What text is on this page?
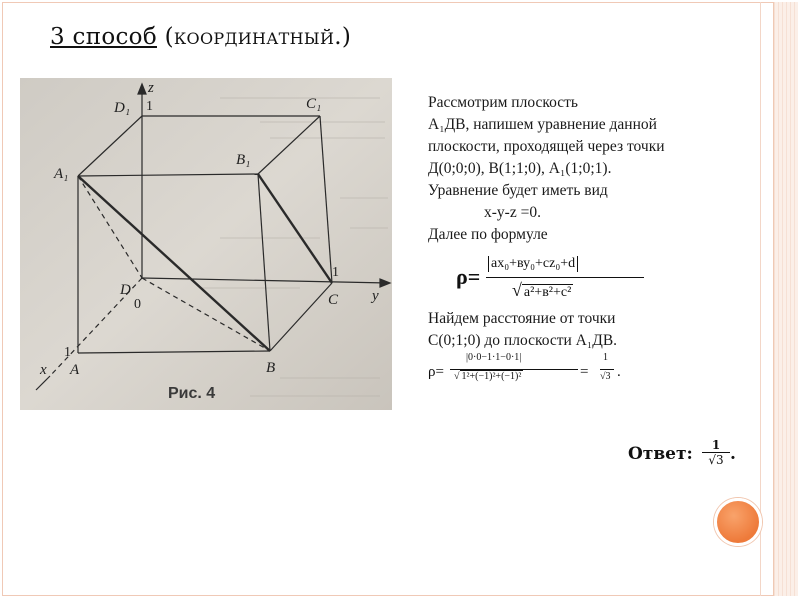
3 способ (координатный.)
z
y
x
D₁	C₁
B₁
A₁
D
C
B
A
1
1
1
0
Рис. 4
Рассмотрим плоскость
А₁ДВ, напишем уравнение данной
плоскости, проходящей через точки
Д(0;0;0), В(1;1;0), А₁(1;0;1).
Уравнение будет иметь вид
х-у-z =0.
Далее по формуле
ρ=
ах₀+ву₀+сz₀+d
√ а²+в²+с²
Найдем расстояние от точки
С(0;1;0) до плоскости А₁ДВ.
ρ=
|0·0−1·1−0·1|
√ 1²+(−1)²+(−1)²	=
1
√3 .
Ответ: $\frac{1}{√3}$ .
